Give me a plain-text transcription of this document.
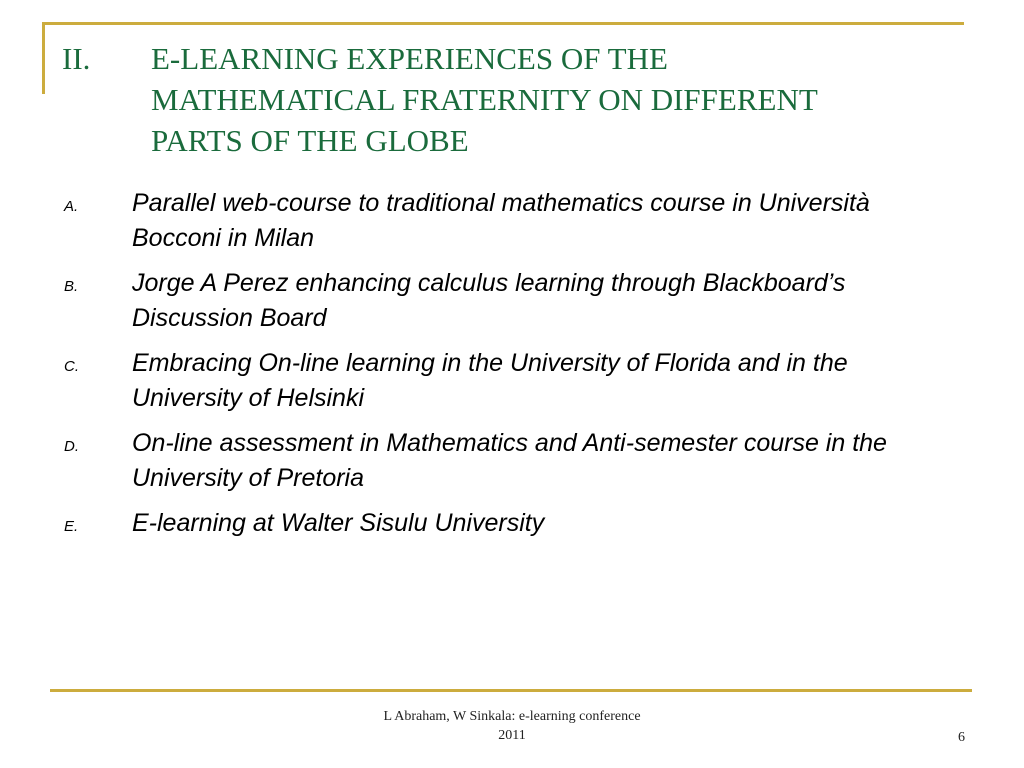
II. E-LEARNING EXPERIENCES OF THE MATHEMATICAL FRATERNITY ON DIFFERENT PARTS OF THE GLOBE
A. Parallel web-course to traditional mathematics course in Università Bocconi in Milan
B. Jorge A Perez enhancing calculus learning through Blackboard’s Discussion Board
C. Embracing On-line learning in the University of Florida and in the University of Helsinki
D. On-line assessment in Mathematics and Anti-semester course in the University of Pretoria
E. E-learning at Walter Sisulu University
L Abraham, W Sinkala: e-learning conference
2011	6
